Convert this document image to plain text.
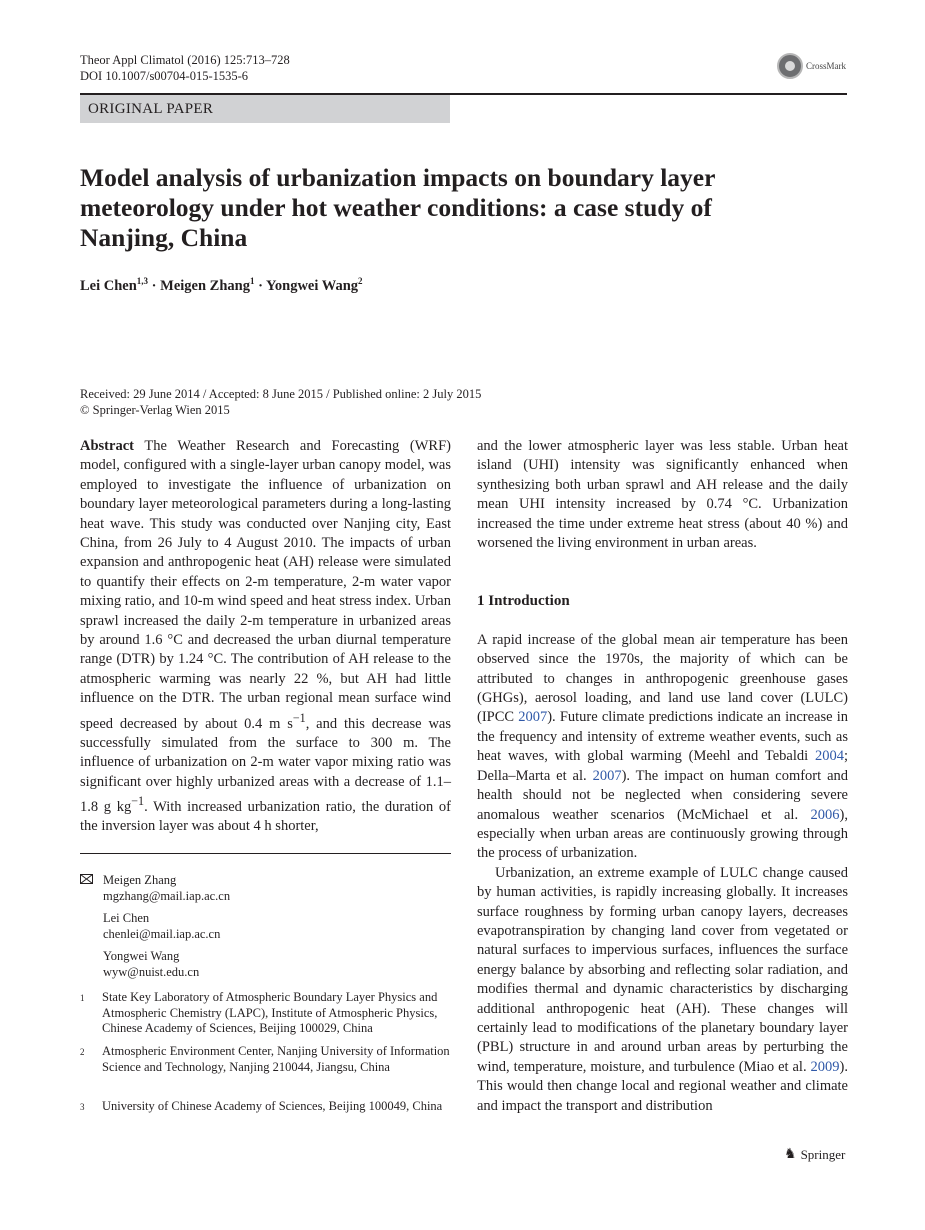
Theor Appl Climatol (2016) 125:713–728
DOI 10.1007/s00704-015-1535-6
CrossMark
ORIGINAL PAPER
Model analysis of urbanization impacts on boundary layer meteorology under hot weather conditions: a case study of Nanjing, China
Lei Chen$^{1,3}$ · Meigen Zhang$^1$ · Yongwei Wang$^2$
Received: 29 June 2014 / Accepted: 8 June 2015 / Published online: 2 July 2015
© Springer-Verlag Wien 2015

Abstract The Weather Research and Forecasting (WRF) model, configured with a single-layer urban canopy model, was employed to investigate the influence of urbanization on boundary layer meteorological parameters during a long-lasting heat wave. This study was conducted over Nanjing city, East China, from 26 July to 4 August 2010. The impacts of urban expansion and anthropogenic heat (AH) release were simulated to quantify their effects on 2-m temperature, 2-m water vapor mixing ratio, and 10-m wind speed and heat stress index. Urban sprawl increased the daily 2-m temperature in urbanized areas by around 1.6 °C and decreased the urban diurnal temperature range (DTR) by 1.24 °C. The contribution of AH release to the atmospheric warming was nearly 22 %, but AH had little influence on the DTR. The urban regional mean surface wind speed decreased by about 0.4 m $s^{-1}$, and this decrease was successfully simulated from the surface to 300 m. The influence of urbanization on 2-m water vapor mixing ratio was significant over highly urbanized areas with a decrease of 1.1–1.8 g $kg^{-1}$. With increased urbanization ratio, the duration of the inversion layer was about 4 h shorter,

and the lower atmospheric layer was less stable. Urban heat island (UHI) intensity was significantly enhanced when synthesizing both urban sprawl and AH release and the daily mean UHI intensity increased by 0.74 °C. Urbanization increased the time under extreme heat stress (about 40 %) and worsened the living environment in urban areas.

1 Introduction

A rapid increase of the global mean air temperature has been observed since the 1970s, the majority of which can be attributed to changes in anthropogenic greenhouse gases (GHGs), aerosol loading, and land use land cover (LULC) (IPCC 2007). Future climate predictions indicate an increase in the frequency and intensity of extreme weather events, such as heat waves, with global warming (Meehl and Tebaldi 2004; Della–Marta et al. 2007). The impact on human comfort and health should not be neglected when considering severe anomalous weather scenarios (McMichael et al. 2006), especially when urban areas are continuously growing through the process of urbanization.

Urbanization, an extreme example of LULC change caused by human activities, is rapidly increasing globally. It increases surface roughness by forming urban canopy layers, decreases evapotranspiration by changing land cover from vegetated or natural surfaces to impervious surfaces, influences the surface energy balance by absorbing and reflecting solar radiation, and modifies thermal and dynamic characteristics by discharging additional anthropogenic heat (AH). These changes will certainly lead to modifications of the planetary boundary layer (PBL) structure in and around urban areas by perturbing the wind, temperature, moisture, and turbulence (Miao et al. 2009). This would then change local and regional weather and climate and impact the transport and distribution

Meigen Zhang
mgzhang@mail.iap.ac.cn
Lei Chen
chenlei@mail.iap.ac.cn
Yongwei Wang
wyw@nuist.edu.cn
1	State Key Laboratory of Atmospheric Boundary Layer Physics and Atmospheric Chemistry (LAPC), Institute of Atmospheric Physics, Chinese Academy of Sciences, Beijing 100029, China
2	Atmospheric Environment Center, Nanjing University of Information Science and Technology, Nanjing 210044, Jiangsu, China
3	University of Chinese Academy of Sciences, Beijing 100049, China
♞ Springer
